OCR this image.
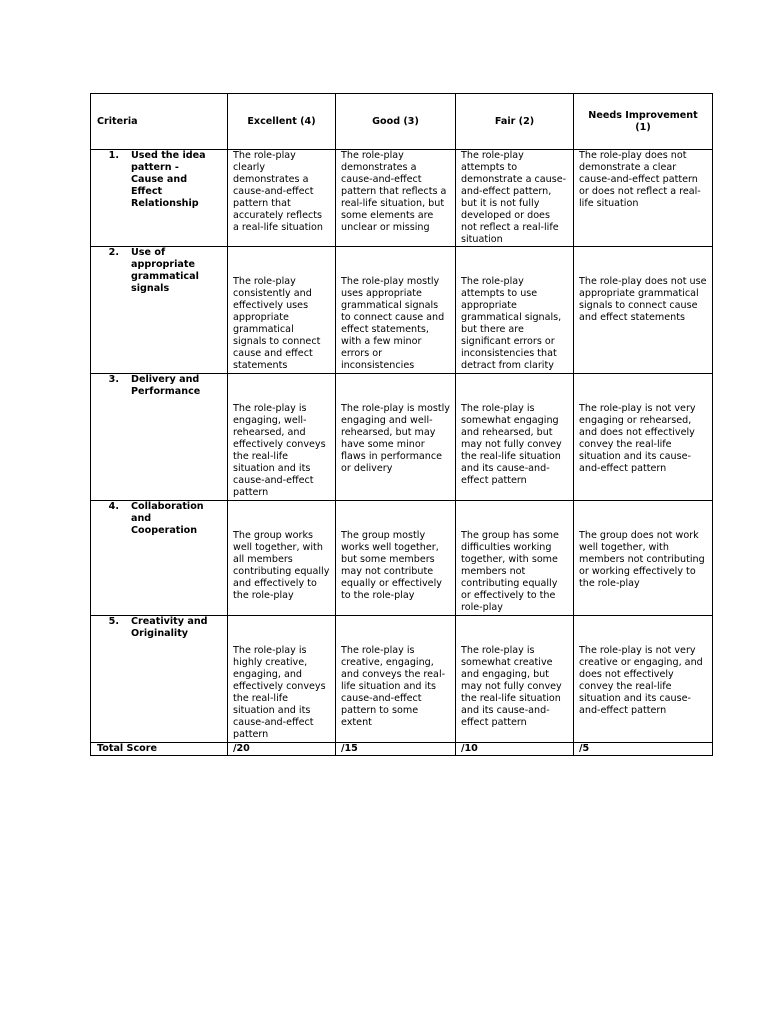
Criteria	Excellent (4)	Good (3)	Fair (2)	Needs Improvement (1)

1. Used the idea pattern - Cause and Effect Relationship	The role-play clearly demonstrates a cause-and-effect pattern that accurately reflects a real-life situation	The role-play demonstrates a cause-and-effect pattern that reflects a real-life situation, but some elements are unclear or missing	The role-play attempts to demonstrate a cause-and-effect pattern, but it is not fully developed or does not reflect a real-life situation	The role-play does not demonstrate a clear cause-and-effect pattern or does not reflect a real-life situation

2. Use of appropriate grammatical signals	The role-play consistently and effectively uses appropriate grammatical signals to connect cause and effect statements	The role-play mostly uses appropriate grammatical signals to connect cause and effect statements, with a few minor errors or inconsistencies	The role-play attempts to use appropriate grammatical signals, but there are significant errors or inconsistencies that detract from clarity	The role-play does not use appropriate grammatical signals to connect cause and effect statements

3. Delivery and Performance	The role-play is engaging, well-rehearsed, and effectively conveys the real-life situation and its cause-and-effect pattern	The role-play is mostly engaging and well-rehearsed, but may have some minor flaws in performance or delivery	The role-play is somewhat engaging and rehearsed, but may not fully convey the real-life situation and its cause-and-effect pattern	The role-play is not very engaging or rehearsed, and does not effectively convey the real-life situation and its cause-and-effect pattern

4. Collaboration and Cooperation	The group works well together, with all members contributing equally and effectively to the role-play	The group mostly works well together, but some members may not contribute equally or effectively to the role-play	The group has some difficulties working together, with some members not contributing equally or effectively to the role-play	The group does not work well together, with members not contributing or working effectively to the role-play

5. Creativity and Originality	The role-play is highly creative, engaging, and effectively conveys the real-life situation and its cause-and-effect pattern	The role-play is creative, engaging, and conveys the real-life situation and its cause-and-effect pattern to some extent	The role-play is somewhat creative and engaging, but may not fully convey the real-life situation and its cause-and-effect pattern	The role-play is not very creative or engaging, and does not effectively convey the real-life situation and its cause-and-effect pattern
Total Score	/20	/15	/10	/5
